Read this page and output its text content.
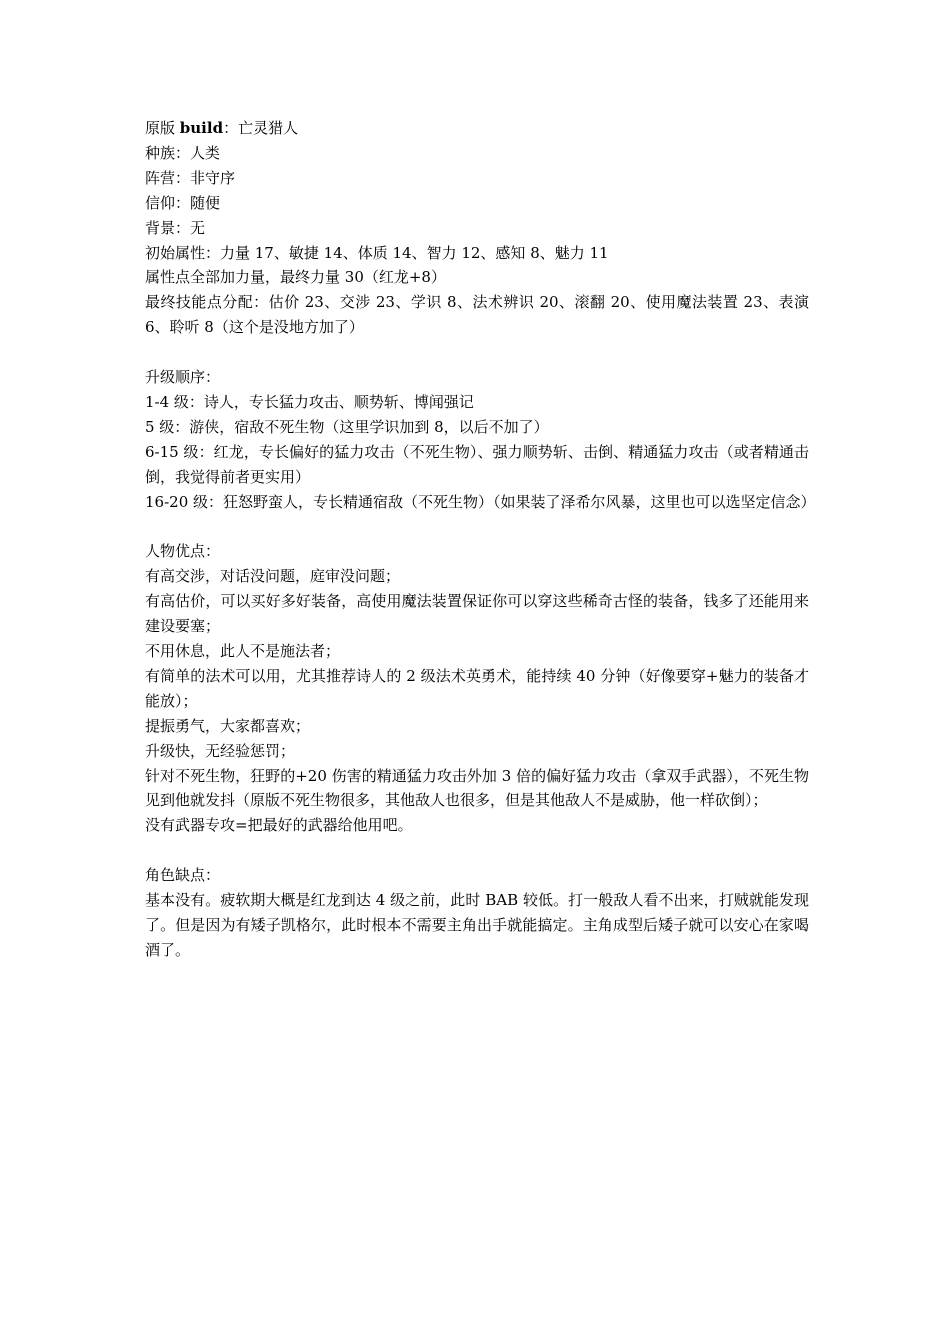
原版 build：亡灵猎人
种族：人类
阵营：非守序
信仰：随便
背景：无
初始属性：力量 17、敏捷 14、体质 14、智力 12、感知 8、魅力 11
属性点全部加力量，最终力量 30（红龙+8）
最终技能点分配：估价 23、交涉 23、学识 8、法术辨识 20、滚翻 20、使用魔法装置 23、表演 6、聆听 8（这个是没地方加了）
升级顺序：
1-4 级：诗人，专长猛力攻击、顺势斩、博闻强记
5 级：游侠，宿敌不死生物（这里学识加到 8，以后不加了）
6-15 级：红龙，专长偏好的猛力攻击（不死生物）、强力顺势斩、击倒、精通猛力攻击（或者精通击倒，我觉得前者更实用）
16-20 级：狂怒野蛮人，专长精通宿敌（不死生物）（如果装了泽希尔风暴，这里也可以选坚定信念）
人物优点：
有高交涉，对话没问题，庭审没问题；
有高估价，可以买好多好装备，高使用魔法装置保证你可以穿这些稀奇古怪的装备，钱多了还能用来建设要塞；
不用休息，此人不是施法者；
有简单的法术可以用，尤其推荐诗人的 2 级法术英勇术，能持续 40 分钟（好像要穿+魅力的装备才能放）；
提振勇气，大家都喜欢；
升级快，无经验惩罚；
针对不死生物，狂野的+20 伤害的精通猛力攻击外加 3 倍的偏好猛力攻击（拿双手武器），不死生物见到他就发抖（原版不死生物很多，其他敌人也很多，但是其他敌人不是威胁，他一样砍倒）；
没有武器专攻=把最好的武器给他用吧。
角色缺点：
基本没有。疲软期大概是红龙到达 4 级之前，此时 BAB 较低。打一般敌人看不出来，打贼就能发现了。但是因为有矮子凯格尔，此时根本不需要主角出手就能搞定。主角成型后矮子就可以安心在家喝酒了。
